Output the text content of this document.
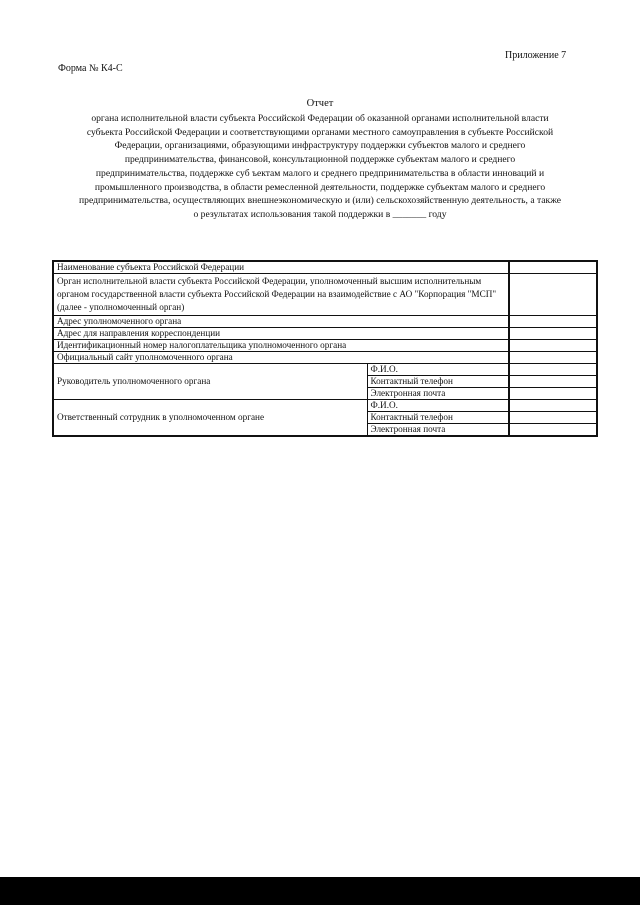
Приложение 7
Форма № К4-С
Отчет
органа исполнительной власти субъекта Российской Федерации об оказанной органами исполнительной власти
субъекта Российской Федерации и соответствующими органами местного самоуправления в субъекте Российской
Федерации, организациями, образующими инфраструктуру поддержки субъектов малого и среднего
предпринимательства, финансовой, консультационной поддержке субъектам малого и среднего
предпринимательства, поддержке суб ъектам малого и среднего предпринимательства в области инноваций и
промышленного производства, в области ремесленной деятельности, поддержке субъектам малого и среднего
предпринимательства, осуществляющих внешнеэкономическую и (или) сельскохозяйственную деятельность, а также
о результатах использования такой поддержки в _______ году
Наименование субъекта Российской Федерации		
Орган исполнительной власти субъекта Российской Федерации, уполномоченный высшим исполнительным органом государственной власти субъекта Российской Федерации на взаимодействие с АО "Корпорация "МСП" (далее - уполномоченный орган)		
Адрес уполномоченного органа		
Адрес для направления корреспонденции		
Идентификационный номер налогоплательщика уполномоченного органа		
Официальный сайт уполномоченного органа		
Руководитель уполномоченного органа	Ф.И.О.	
	Контактный телефон	
	Электронная почта	
Ответственный сотрудник в уполномоченном органе	Ф.И.О.	
	Контактный телефон	
	Электронная почта	
